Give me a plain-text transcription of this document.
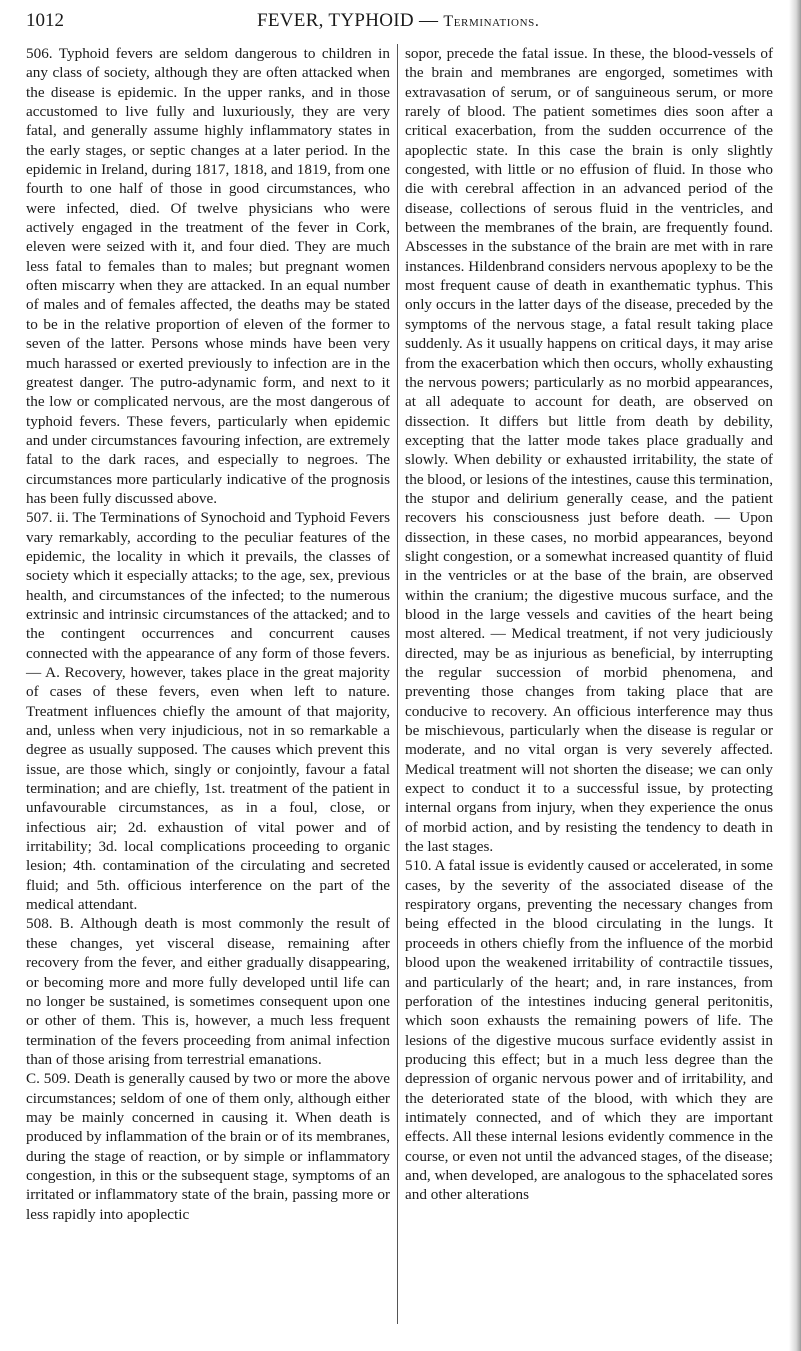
1012	FEVER, TYPHOID — Terminations.

506. Typhoid fevers are seldom dangerous to children in any class of society, although they are often attacked when the disease is epidemic. In the upper ranks, and in those accustomed to live fully and luxuriously, they are very fatal, and generally assume highly inflammatory states in the early stages, or septic changes at a later period. In the epidemic in Ireland, during 1817, 1818, and 1819, from one fourth to one half of those in good circumstances, who were infected, died. Of twelve physicians who were actively engaged in the treatment of the fever in Cork, eleven were seized with it, and four died. They are much less fatal to females than to males; but pregnant women often miscarry when they are attacked. In an equal number of males and of females affected, the deaths may be stated to be in the relative proportion of eleven of the former to seven of the latter. Persons whose minds have been very much harassed or exerted previously to infection are in the greatest danger. The putro-adynamic form, and next to it the low or complicated nervous, are the most dangerous of typhoid fevers. These fevers, particularly when epidemic and under circumstances favouring infection, are extremely fatal to the dark races, and especially to negroes. The circumstances more particularly indicative of the prognosis has been fully discussed above.

507. ii. The Terminations of Synochoid and Typhoid Fevers vary remarkably, according to the peculiar features of the epidemic, the locality in which it prevails, the classes of society which it especially attacks; to the age, sex, previous health, and circumstances of the infected; to the numerous extrinsic and intrinsic circumstances of the attacked; and to the contingent occurrences and concurrent causes connected with the appearance of any form of those fevers. — A. Recovery, however, takes place in the great majority of cases of these fevers, even when left to nature. Treatment influences chiefly the amount of that majority, and, unless when very injudicious, not in so remarkable a degree as usually supposed. The causes which prevent this issue, are those which, singly or conjointly, favour a fatal termination; and are chiefly, 1st. treatment of the patient in unfavourable circumstances, as in a foul, close, or infectious air; 2d. exhaustion of vital power and of irritability; 3d. local complications proceeding to organic lesion; 4th. contamination of the circulating and secreted fluid; and 5th. officious interference on the part of the medical attendant.

508. B. Although death is most commonly the result of these changes, yet visceral disease, remaining after recovery from the fever, and either gradually disappearing, or becoming more and more fully developed until life can no longer be sustained, is sometimes consequent upon one or other of them. This is, however, a much less frequent termination of the fevers proceeding from animal infection than of those arising from terrestrial emanations.

C. 509. Death is generally caused by two or more the above circumstances; seldom of one of them only, although either may be mainly concerned in causing it. When death is produced by inflammation of the brain or of its membranes, during the stage of reaction, or by simple or inflammatory congestion, in this or the subsequent stage, symptoms of an irritated or inflammatory state of the brain, passing more or less rapidly into apoplectic

sopor, precede the fatal issue. In these, the blood-vessels of the brain and membranes are engorged, sometimes with extravasation of serum, or of sanguineous serum, or more rarely of blood. The patient sometimes dies soon after a critical exacerbation, from the sudden occurrence of the apoplectic state. In this case the brain is only slightly congested, with little or no effusion of fluid. In those who die with cerebral affection in an advanced period of the disease, collections of serous fluid in the ventricles, and between the membranes of the brain, are frequently found. Abscesses in the substance of the brain are met with in rare instances. Hildenbrand considers nervous apoplexy to be the most frequent cause of death in exanthematic typhus. This only occurs in the latter days of the disease, preceded by the symptoms of the nervous stage, a fatal result taking place suddenly. As it usually happens on critical days, it may arise from the exacerbation which then occurs, wholly exhausting the nervous powers; particularly as no morbid appearances, at all adequate to account for death, are observed on dissection. It differs but little from death by debility, excepting that the latter mode takes place gradually and slowly. When debility or exhausted irritability, the state of the blood, or lesions of the intestines, cause this termination, the stupor and delirium generally cease, and the patient recovers his consciousness just before death. — Upon dissection, in these cases, no morbid appearances, beyond slight congestion, or a somewhat increased quantity of fluid in the ventricles or at the base of the brain, are observed within the cranium; the digestive mucous surface, and the blood in the large vessels and cavities of the heart being most altered. — Medical treatment, if not very judiciously directed, may be as injurious as beneficial, by interrupting the regular succession of morbid phenomena, and preventing those changes from taking place that are conducive to recovery. An officious interference may thus be mischievous, particularly when the disease is regular or moderate, and no vital organ is very severely affected. Medical treatment will not shorten the disease; we can only expect to conduct it to a successful issue, by protecting internal organs from injury, when they experience the onus of morbid action, and by resisting the tendency to death in the last stages.

510. A fatal issue is evidently caused or accelerated, in some cases, by the severity of the associated disease of the respiratory organs, preventing the necessary changes from being effected in the blood circulating in the lungs. It proceeds in others chiefly from the influence of the morbid blood upon the weakened irritability of contractile tissues, and particularly of the heart; and, in rare instances, from perforation of the intestines inducing general peritonitis, which soon exhausts the remaining powers of life. The lesions of the digestive mucous surface evidently assist in producing this effect; but in a much less degree than the depression of organic nervous power and of irritability, and the deteriorated state of the blood, with which they are intimately connected, and of which they are important effects. All these internal lesions evidently commence in the course, or even not until the advanced stages, of the disease; and, when developed, are analogous to the sphacelated sores and other alterations
